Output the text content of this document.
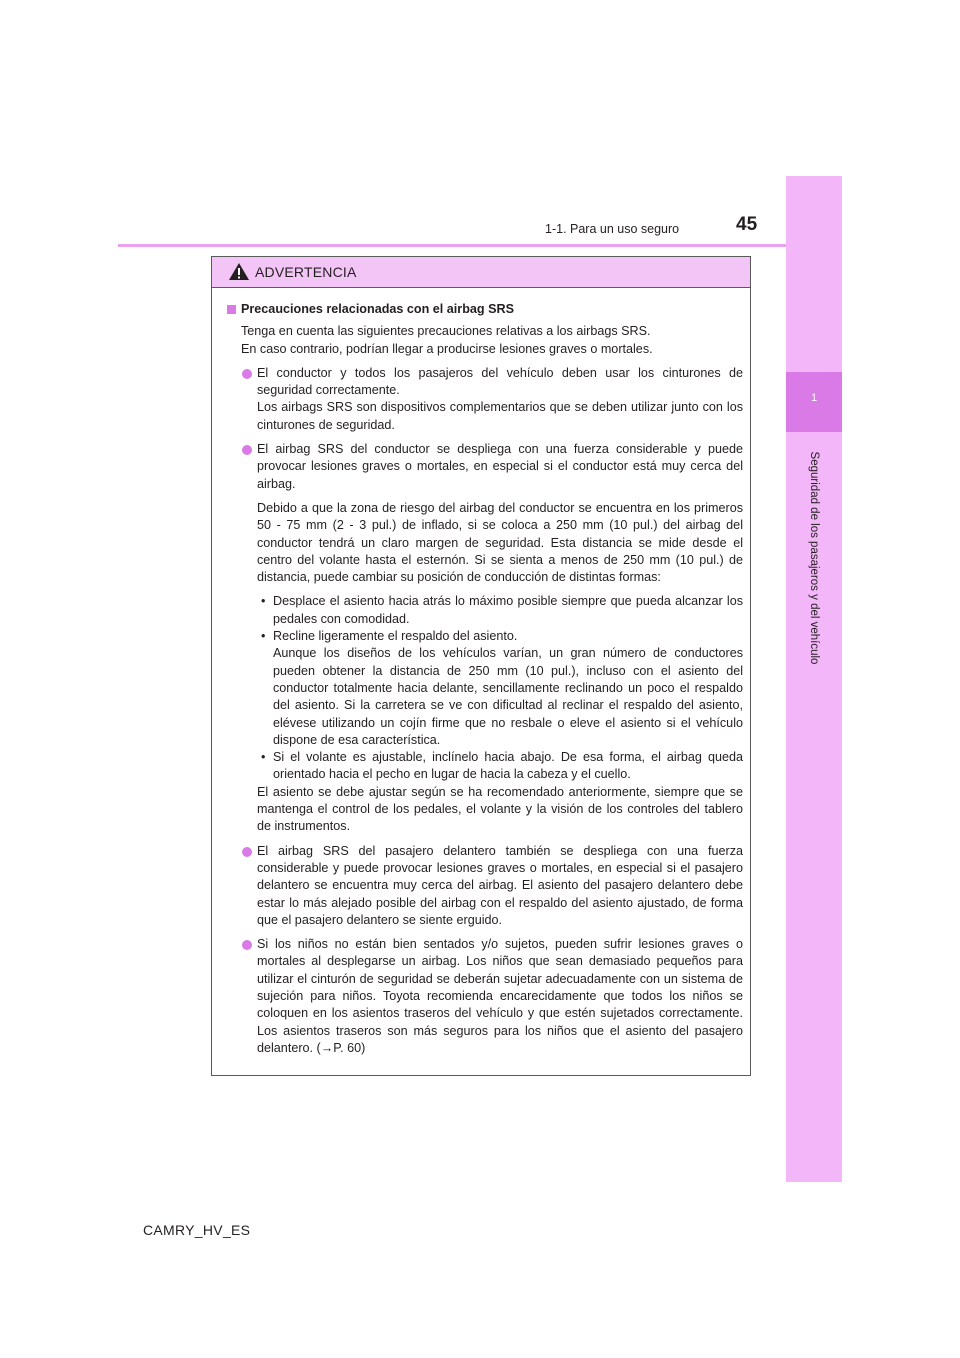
1-1. Para un uso seguro	45
1
Seguridad de los pasajeros y del vehículo
ADVERTENCIA
Precauciones relacionadas con el airbag SRS
Tenga en cuenta las siguientes precauciones relativas a los airbags SRS.
En caso contrario, podrían llegar a producirse lesiones graves o mortales.
El conductor y todos los pasajeros del vehículo deben usar los cinturones de seguridad correctamente.
Los airbags SRS son dispositivos complementarios que se deben utilizar junto con los cinturones de seguridad.
El airbag SRS del conductor se despliega con una fuerza considerable y puede provocar lesiones graves o mortales, en especial si el conductor está muy cerca del airbag.
Debido a que la zona de riesgo del airbag del conductor se encuentra en los primeros 50 - 75 mm (2 - 3 pul.) de inflado, si se coloca a 250 mm (10 pul.) del airbag del conductor tendrá un claro margen de seguridad. Esta distancia se mide desde el centro del volante hasta el esternón. Si se sienta a menos de 250 mm (10 pul.) de distancia, puede cambiar su posición de conducción de distintas formas:
• Desplace el asiento hacia atrás lo máximo posible siempre que pueda alcanzar los pedales con comodidad.
• Recline ligeramente el respaldo del asiento.
Aunque los diseños de los vehículos varían, un gran número de conductores pueden obtener la distancia de 250 mm (10 pul.), incluso con el asiento del conductor totalmente hacia delante, sencillamente reclinando un poco el respaldo del asiento. Si la carretera se ve con dificultad al reclinar el respaldo del asiento, elévese utilizando un cojín firme que no resbale o eleve el asiento si el vehículo dispone de esa característica.
• Si el volante es ajustable, inclínelo hacia abajo. De esa forma, el airbag queda orientado hacia el pecho en lugar de hacia la cabeza y el cuello.
El asiento se debe ajustar según se ha recomendado anteriormente, siempre que se mantenga el control de los pedales, el volante y la visión de los controles del tablero de instrumentos.
El airbag SRS del pasajero delantero también se despliega con una fuerza considerable y puede provocar lesiones graves o mortales, en especial si el pasajero delantero se encuentra muy cerca del airbag. El asiento del pasajero delantero debe estar lo más alejado posible del airbag con el respaldo del asiento ajustado, de forma que el pasajero delantero se siente erguido.
Si los niños no están bien sentados y/o sujetos, pueden sufrir lesiones graves o mortales al desplegarse un airbag. Los niños que sean demasiado pequeños para utilizar el cinturón de seguridad se deberán sujetar adecuadamente con un sistema de sujeción para niños. Toyota recomienda encarecidamente que todos los niños se coloquen en los asientos traseros del vehículo y que estén sujetados correctamente. Los asientos traseros son más seguros para los niños que el asiento del pasajero delantero. (→P. 60)
CAMRY_HV_ES
